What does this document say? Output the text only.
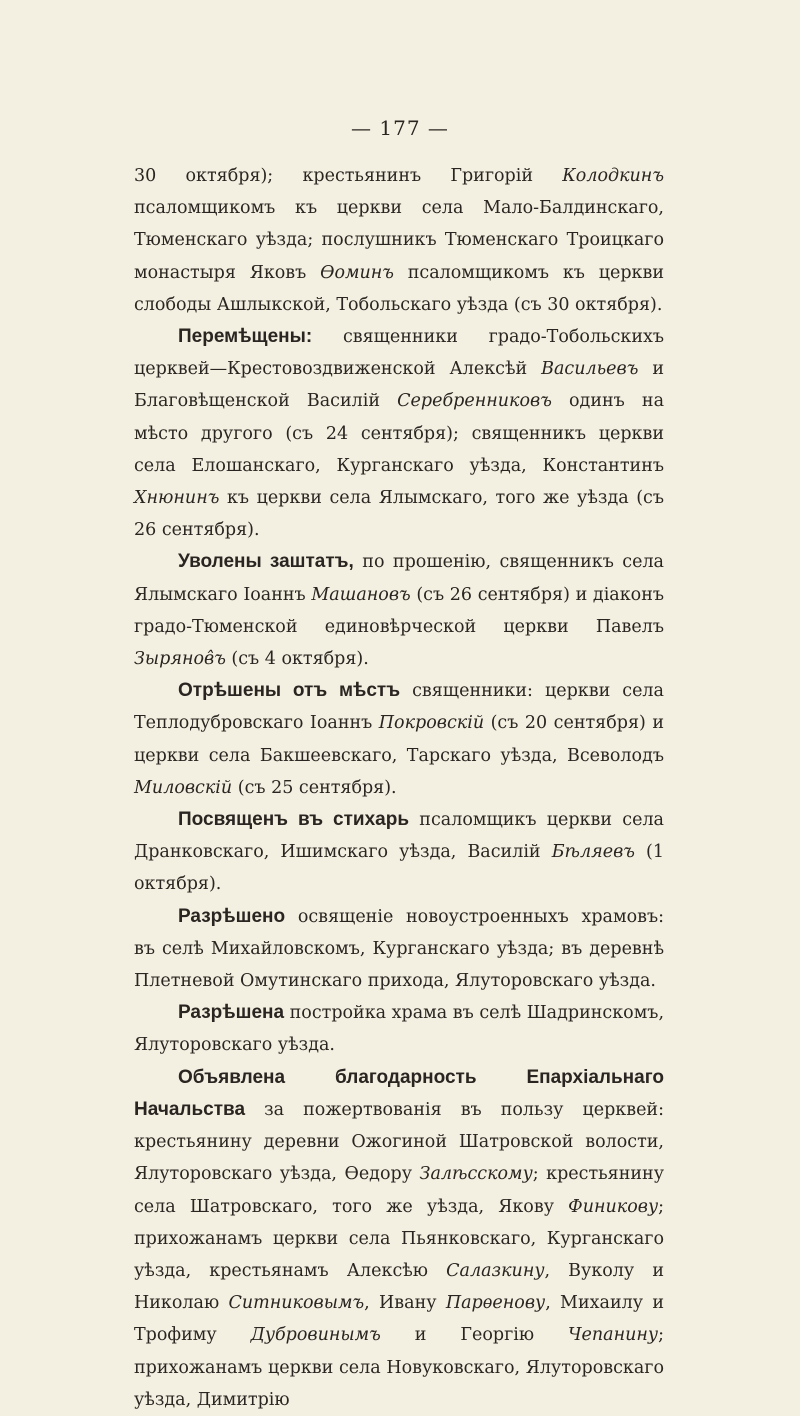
— 177 —

30 октября); крестьянинъ Григорій Колодкинъ псаломщикомъ къ церкви села Мало-Балдинскаго, Тюменскаго уѣзда; послушникъ Тюменскаго Троицкаго монастыря Яковъ Ѳоминъ псаломщикомъ къ церкви слободы Ашлыкской, Тобольскаго уѣзда (съ 30 октября).

Перемѣщены: священники градо-Тобольскихъ церквей—Крестовоздвиженской Алексѣй Васильевъ и Благовѣщенской Василій Серебренниковъ одинъ на мѣсто другого (съ 24 сентября); священникъ церкви села Елошанскаго, Курганскаго уѣзда, Константинъ Хнюнинъ къ церкви села Ялымскаго, того же уѣзда (съ 26 сентября).

Уволены заштатъ, по прошенію, священникъ села Ялымскаго Іоаннъ Машановъ (съ 26 сентября) и діаконъ градо-Тюменской единовѣрческой церкви Павелъ Зырянов̂ъ (съ 4 октября).

Отрѣшены отъ мѣстъ священники: церкви села Теплодубровскаго Іоаннъ Покровскій (съ 20 сентября) и церкви села Бакшеевскаго, Тарскаго уѣзда, Всеволодъ Миловскій (съ 25 сентября).

Посвященъ въ стихарь псаломщикъ церкви села Дранковскаго, Ишимскаго уѣзда, Василій Бѣляевъ (1 октября).

Разрѣшено освященіе новоустроенныхъ храмовъ: въ селѣ Михайловскомъ, Курганскаго уѣзда; въ деревнѣ Плетневой Омутинскаго прихода, Ялуторовскаго уѣзда.

Разрѣшена постройка храма въ селѣ Шадринскомъ, Ялуторовскаго уѣзда.

Объявлена благодарность Епархіальнаго Начальства за пожертвованія въ пользу церквей: крестьянину деревни Ожогиной Шатровской волости, Ялуторовскаго уѣзда, Ѳедору Залѣсскому; крестьянину села Шатровскаго, того же уѣзда, Якову Финикову; прихожанамъ церкви села Пьянковскаго, Курганскаго уѣзда, крестьянамъ Алексѣю Салазкину, Вуколу и Николаю Ситниковымъ, Ивану Парѳенову, Михаилу и Трофиму Дубровинымъ и Георгію Чепанину; прихожанамъ церкви села Новуковскаго, Ялуторовскаго уѣзда, Димитрію
